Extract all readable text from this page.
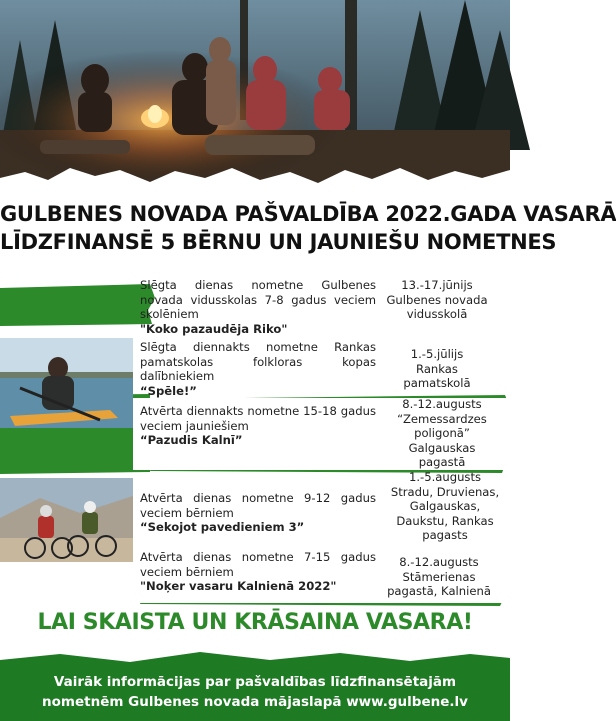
GULBENES NOVADA PAŠVALDĪBA 2022.GADA VASARĀ
LĪDZFINANSĒ 5 BĒRNU UN JAUNIEŠU NOMETNES
Slēgta dienas nometne Gulbenes novada vidusskolas 7-8 gadus veciem skolēniem
"Koko pazaudēja Riko"
13.-17.jūnijs
Gulbenes novada vidusskolā
Slēgta diennakts nometne Rankas pamatskolas folkloras kopas dalībniekiem
“Spēle!”
1.-5.jūlijs
Rankas pamatskolā
Atvērta diennakts nometne 15-18 gadus veciem jauniešiem
“Pazudis Kalnī”
8.-12.augusts
“Zemessardzes poligonā” Galgauskas pagastā
Atvērta dienas nometne 9-12 gadus veciem bērniem
“Sekojot pavedieniem 3”
1.-5.augusts
Stradu, Druvienas, Galgauskas, Daukstu, Rankas pagasts
Atvērta dienas nometne 7-15 gadus veciem bērniem
"Noķer vasaru Kalnienā 2022"
8.-12.augusts
Stāmerienas pagastā, Kalnienā
LAI SKAISTA UN KRĀSAINA VASARA!
Vairāk informācijas par pašvaldības līdzfinansētajām
nometnēm Gulbenes novada mājaslapā www.gulbene.lv
